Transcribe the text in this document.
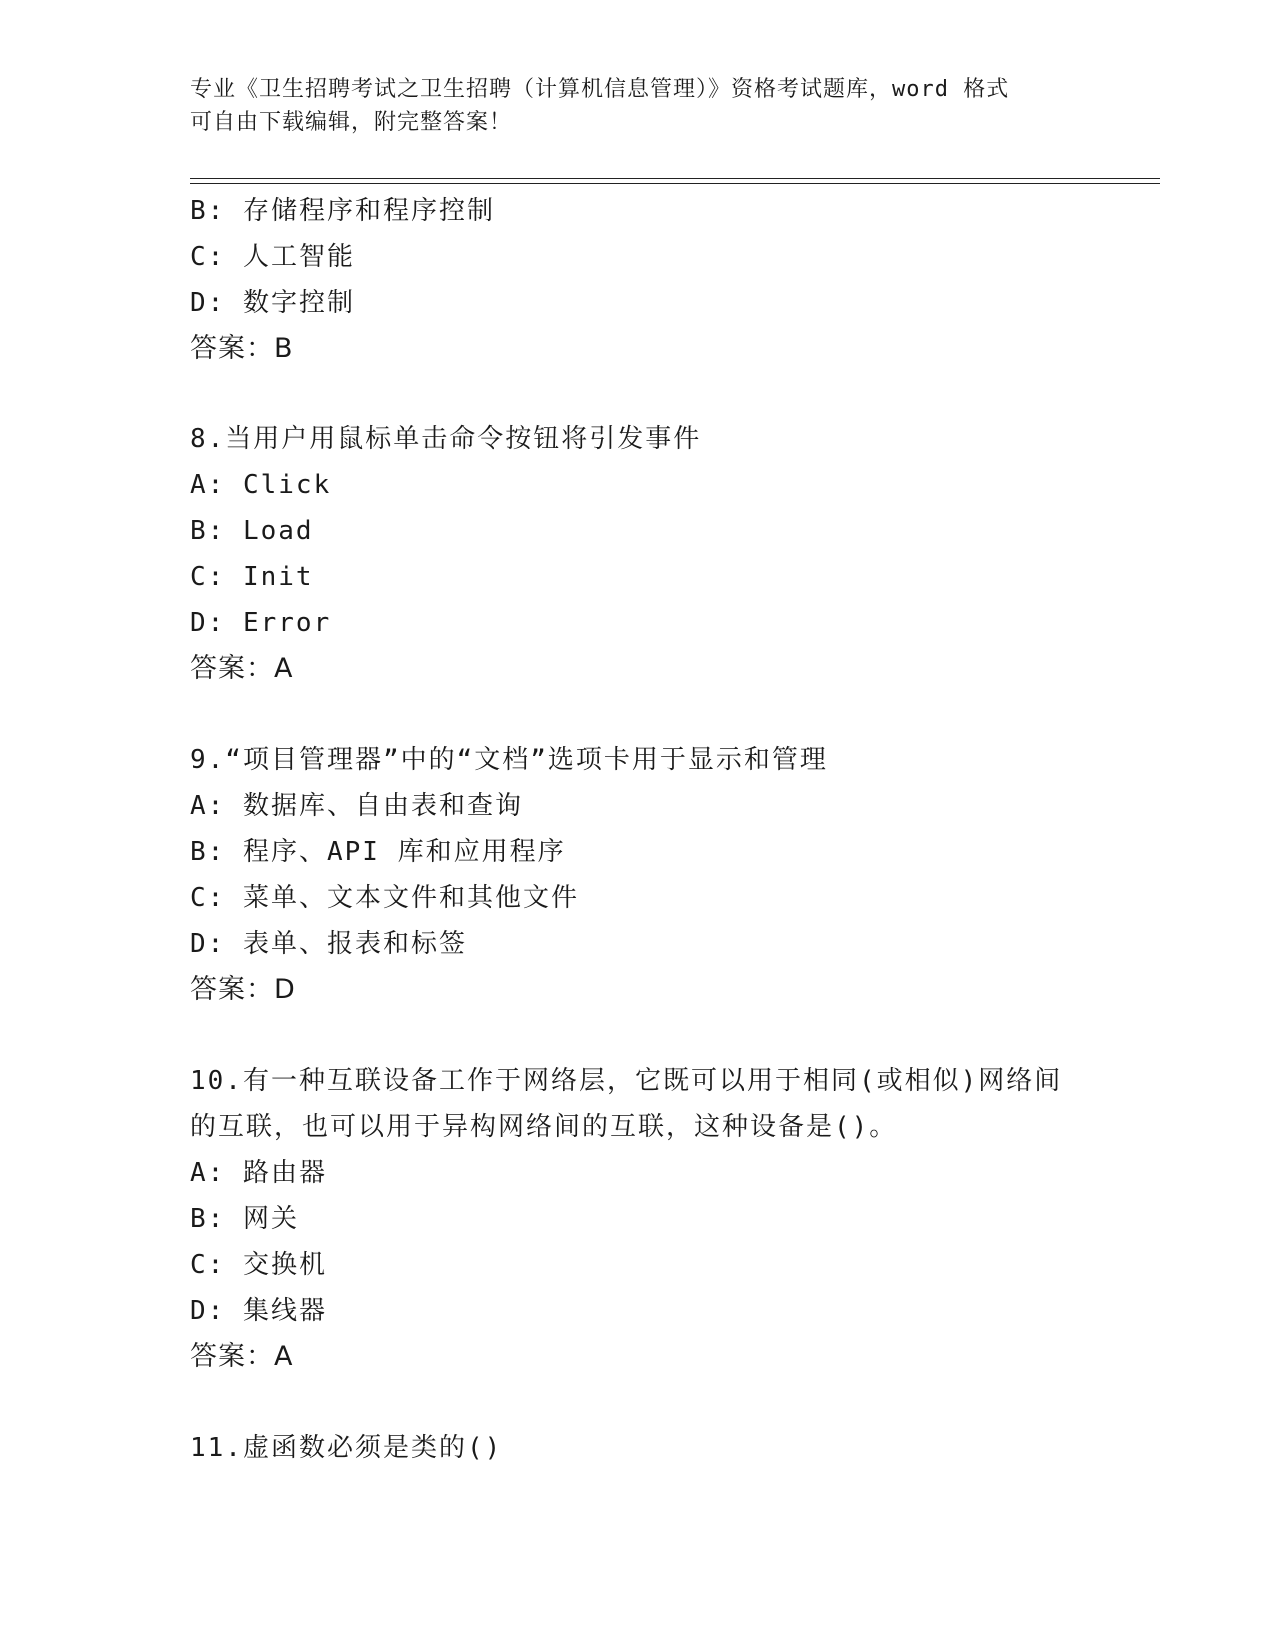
专业《卫生招聘考试之卫生招聘（计算机信息管理）》资格考试题库，word 格式
可自由下载编辑，附完整答案！
B: 存储程序和程序控制
C: 人工智能
D: 数字控制
答案：B
8.当用户用鼠标单击命令按钮将引发事件
A: Click
B: Load
C: Init
D: Error
答案：A
9.“项目管理器”中的“文档”选项卡用于显示和管理
A: 数据库、自由表和查询
B: 程序、API 库和应用程序
C: 菜单、文本文件和其他文件
D: 表单、报表和标签
答案：D
10.有一种互联设备工作于网络层，它既可以用于相同(或相似)网络间
的互联，也可以用于异构网络间的互联，这种设备是()。
A: 路由器
B: 网关
C: 交换机
D: 集线器
答案：A
11.虚函数必须是类的()
